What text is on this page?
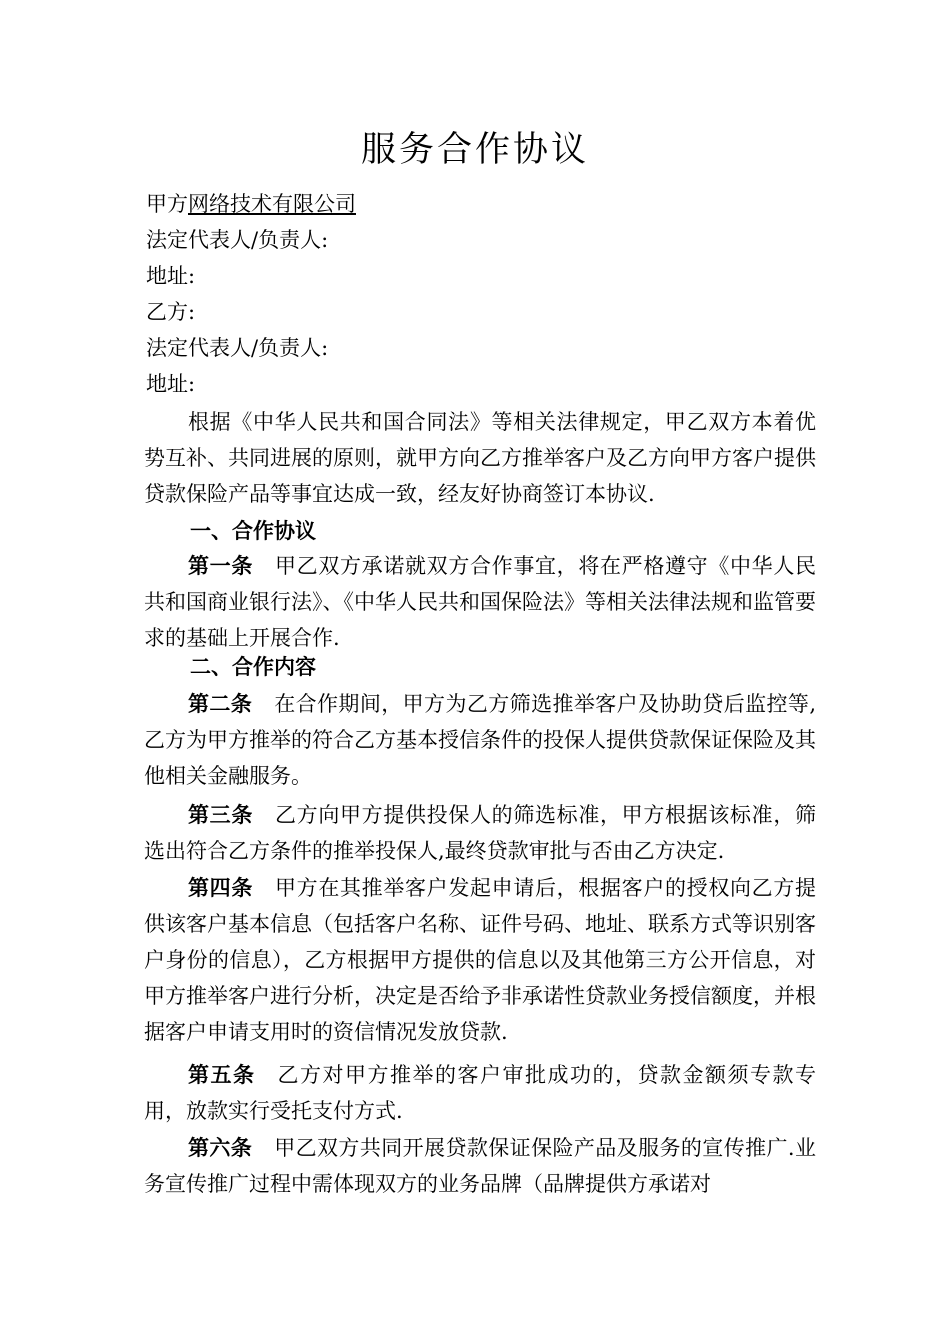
服务合作协议

甲方网络技术有限公司

法定代表人/负责人:

地址:

乙方:

法定代表人/负责人:

地址:

根据《中华人民共和国合同法》等相关法律规定，甲乙双方本着优势互补、共同进展的原则，就甲方向乙方推举客户及乙方向甲方客户提供贷款保险产品等事宜达成一致，经友好协商签订本协议.

一、合作协议

第一条 甲乙双方承诺就双方合作事宜，将在严格遵守《中华人民共和国商业银行法》、《中华人民共和国保险法》等相关法律法规和监管要求的基础上开展合作.

二、合作内容

第二条 在合作期间，甲方为乙方筛选推举客户及协助贷后监控等,乙方为甲方推举的符合乙方基本授信条件的投保人提供贷款保证保险及其他相关金融服务。

第三条 乙方向甲方提供投保人的筛选标准，甲方根据该标准，筛选出符合乙方条件的推举投保人,最终贷款审批与否由乙方决定.

第四条 甲方在其推举客户发起申请后，根据客户的授权向乙方提供该客户基本信息（包括客户名称、证件号码、地址、联系方式等识别客户身份的信息），乙方根据甲方提供的信息以及其他第三方公开信息，对甲方推举客户进行分析，决定是否给予非承诺性贷款业务授信额度，并根据客户申请支用时的资信情况发放贷款.

第五条 乙方对甲方推举的客户审批成功的，贷款金额须专款专用，放款实行受托支付方式.

第六条 甲乙双方共同开展贷款保证保险产品及服务的宣传推广.业务宣传推广过程中需体现双方的业务品牌（品牌提供方承诺对
